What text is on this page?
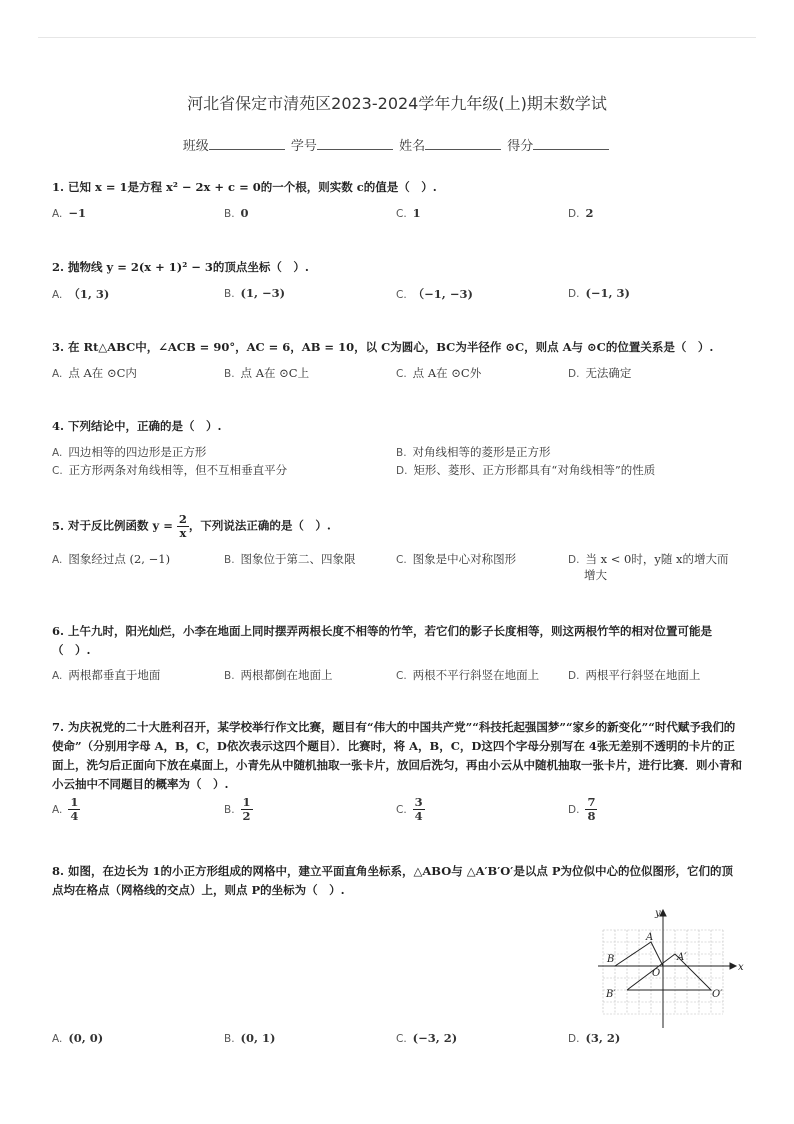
河北省保定市清苑区2023-2024学年九年级(上)期末数学试
班级	学号	姓名	得分
1. 已知 x = 1是方程 x² − 2x + c = 0的一个根，则实数 c的值是（　）.
A. −1	B. 0	C. 1	D. 2
2. 抛物线 y = 2(x + 1)² − 3的顶点坐标（　）.
A. （1, 3)	B. (1, −3)	C. （−1, −3)	D. (−1, 3)
3. 在 Rt△ABC中，∠ACB = 90°，AC = 6，AB = 10，以 C为圆心，BC为半径作 ⊙C，则点 A与 ⊙C的位置关系是（　）.
A. 点 A在 ⊙C内	B. 点 A在 ⊙C上	C. 点 A在 ⊙C外	D. 无法确定
4. 下列结论中，正确的是（　）.
A. 四边相等的四边形是正方形	B. 对角线相等的菱形是正方形
C. 正方形两条对角线相等，但不互相垂直平分	D. 矩形、菱形、正方形都具有“对角线相等”的性质
5. 对于反比例函数 $y = \frac{2}{x}$ ，下列说法正确的是（　）.
A. 图象经过点 (2, −1)	B. 图象位于第二、四象限	C. 图象是中心对称图形	D. 当 x < 0时，y随 x的增大而
增大
6. 上午九时，阳光灿烂，小李在地面上同时摆弄两根长度不相等的竹竿，若它们的影子长度相等，则这两根竹竿的相对位置可能是（　）.
A. 两根都垂直于地面	B. 两根都倒在地面上	C. 两根不平行斜竖在地面上	D. 两根平行斜竖在地面上
7. 为庆祝党的二十大胜利召开，某学校举行作文比赛，题目有“伟大的中国共产党”“科技托起强国梦”“家乡的新变化”“时代赋予我们的使命”（分别用字母 A，B，C，D依次表示这四个题目）．比赛时，将 A，B，C，D这四个字母分别写在 4张无差别不透明的卡片的正面上，洗匀后正面向下放在桌面上，小青先从中随机抽取一张卡片，放回后洗匀，再由小云从中随机抽取一张卡片，进行比赛．则小青和小云抽中不同题目的概率为（　）.
A. $\frac{1}{4}$	B. $\frac{1}{2}$	C. $\frac{3}{4}$	D. $\frac{7}{8}$
8. 如图，在边长为 1的小正方形组成的网格中，建立平面直角坐标系，△ABO与 △A′B′O′是以点 P为位似中心的位似图形，它们的顶点均在格点（网格线的交点）上，则点 P的坐标为（　）.
x
y
A
B
O
A′
B′	O′
A. (0, 0)	B. (0, 1)	C. (−3, 2)	D. (3, 2)
